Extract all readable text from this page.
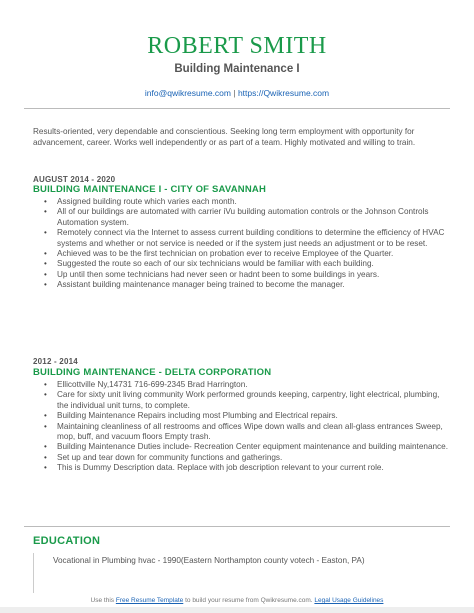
ROBERT SMITH
Building Maintenance I
info@qwikresume.com | https://Qwikresume.com
Results-oriented, very dependable and conscientious. Seeking long term employment with opportunity for advancement, career. Works well independently or as part of a team. Highly motivated and willing to train.
AUGUST 2014 - 2020
BUILDING MAINTENANCE I - CITY OF SAVANNAH
• Assigned building route which varies each month.
• All of our buildings are automated with carrier iVu building automation controls or the Johnson Controls Automation system.
• Remotely connect via the Internet to assess current building conditions to determine the efficiency of HVAC systems and whether or not service is needed or if the system just needs an adjustment or to be reset.
• Achieved was to be the first technician on probation ever to receive Employee of the Quarter.
• Suggested the route so each of our six technicians would be familiar with each building.
• Up until then some technicians had never seen or hadnt been to some buildings in years.
• Assistant building maintenance manager being trained to become the manager.
2012 - 2014
BUILDING MAINTENANCE - DELTA CORPORATION
• Ellicottville Ny,14731 716-699-2345 Brad Harrington.
• Care for sixty unit living community Work performed grounds keeping, carpentry, light electrical, plumbing, the individual unit turns, to complete.
• Building Maintenance Repairs including most Plumbing and Electrical repairs.
• Maintaining cleanliness of all restrooms and offices Wipe down walls and clean all-glass entrances Sweep, mop, buff, and vacuum floors Empty trash.
• Building Maintenance Duties include- Recreation Center equipment maintenance and building maintenance.
• Set up and tear down for community functions and gatherings.
• This is Dummy Description data. Replace with job description relevant to your current role.
EDUCATION
Vocational in Plumbing hvac - 1990(Eastern Northampton county votech - Easton, PA)
Use this Free Resume Template to build your resume from Qwikresume.com. Legal Usage Guidelines
